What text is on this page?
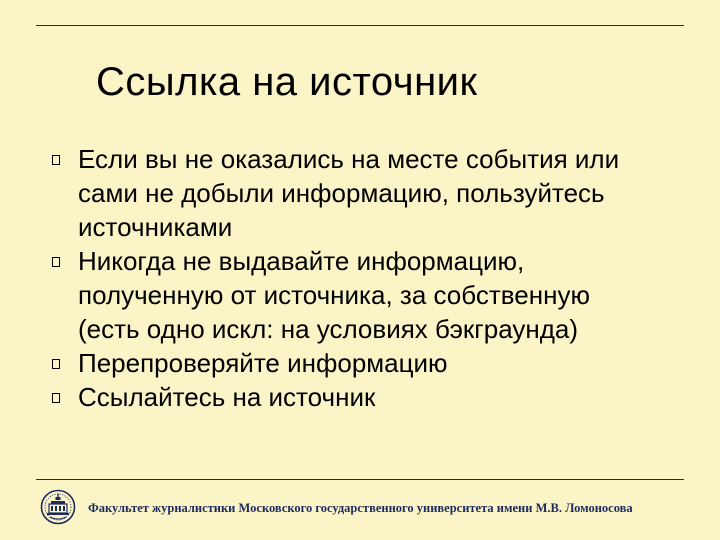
Ссылка на источник
Если вы не оказались на месте события или
сами не добыли информацию, пользуйтесь
источниками
Никогда не выдавайте информацию,
полученную от источника, за собственную
(есть одно искл: на условиях бэкграунда)
Перепроверяйте информацию
Ссылайтесь на источник
Факультет журналистики Московского государственного университета имени М.В. Ломоносова
